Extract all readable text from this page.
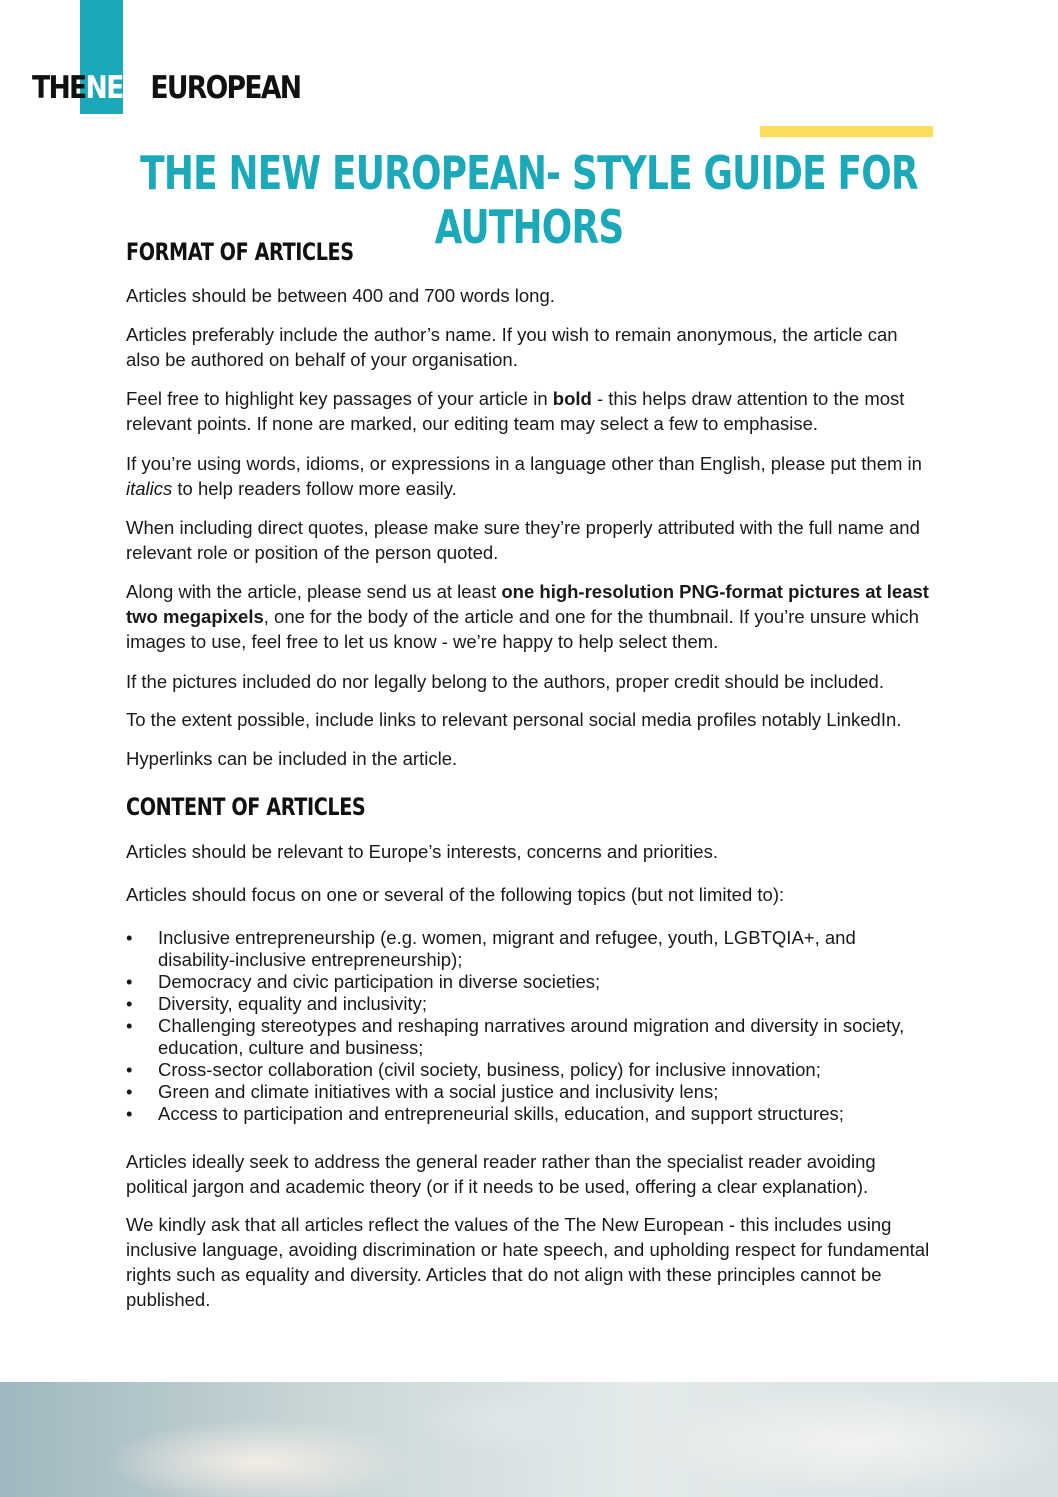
THENEWEUROPEAN
THE NEW EUROPEAN- STYLE GUIDE FOR AUTHORS
FORMAT OF ARTICLES

Articles should be between 400 and 700 words long.

Articles preferably include the author’s name. If you wish to remain anonymous, the article can also be authored on behalf of your organisation.

Feel free to highlight key passages of your article in bold - this helps draw attention to the most relevant points. If none are marked, our editing team may select a few to emphasise.

If you’re using words, idioms, or expressions in a language other than English, please put them in italics to help readers follow more easily.

When including direct quotes, please make sure they’re properly attributed with the full name and relevant role or position of the person quoted.

Along with the article, please send us at least one high-resolution PNG-format pictures at least two megapixels, one for the body of the article and one for the thumbnail. If you’re unsure which images to use, feel free to let us know - we’re happy to help select them.

If the pictures included do nor legally belong to the authors, proper credit should be included.

To the extent possible, include links to relevant personal social media profiles notably LinkedIn.

Hyperlinks can be included in the article.

CONTENT OF ARTICLES

Articles should be relevant to Europe’s interests, concerns and priorities.

Articles should focus on one or several of the following topics (but not limited to):

• Inclusive entrepreneurship (e.g. women, migrant and refugee, youth, LGBTQIA+, and disability-inclusive entrepreneurship);
• Democracy and civic participation in diverse societies;
• Diversity, equality and inclusivity;
• Challenging stereotypes and reshaping narratives around migration and diversity in society, education, culture and business;
• Cross-sector collaboration (civil society, business, policy) for inclusive innovation;
• Green and climate initiatives with a social justice and inclusivity lens;
• Access to participation and entrepreneurial skills, education, and support structures;

Articles ideally seek to address the general reader rather than the specialist reader avoiding political jargon and academic theory (or if it needs to be used, offering a clear explanation).

We kindly ask that all articles reflect the values of the The New European - this includes using inclusive language, avoiding discrimination or hate speech, and upholding respect for fundamental rights such as equality and diversity. Articles that do not align with these principles cannot be published.
